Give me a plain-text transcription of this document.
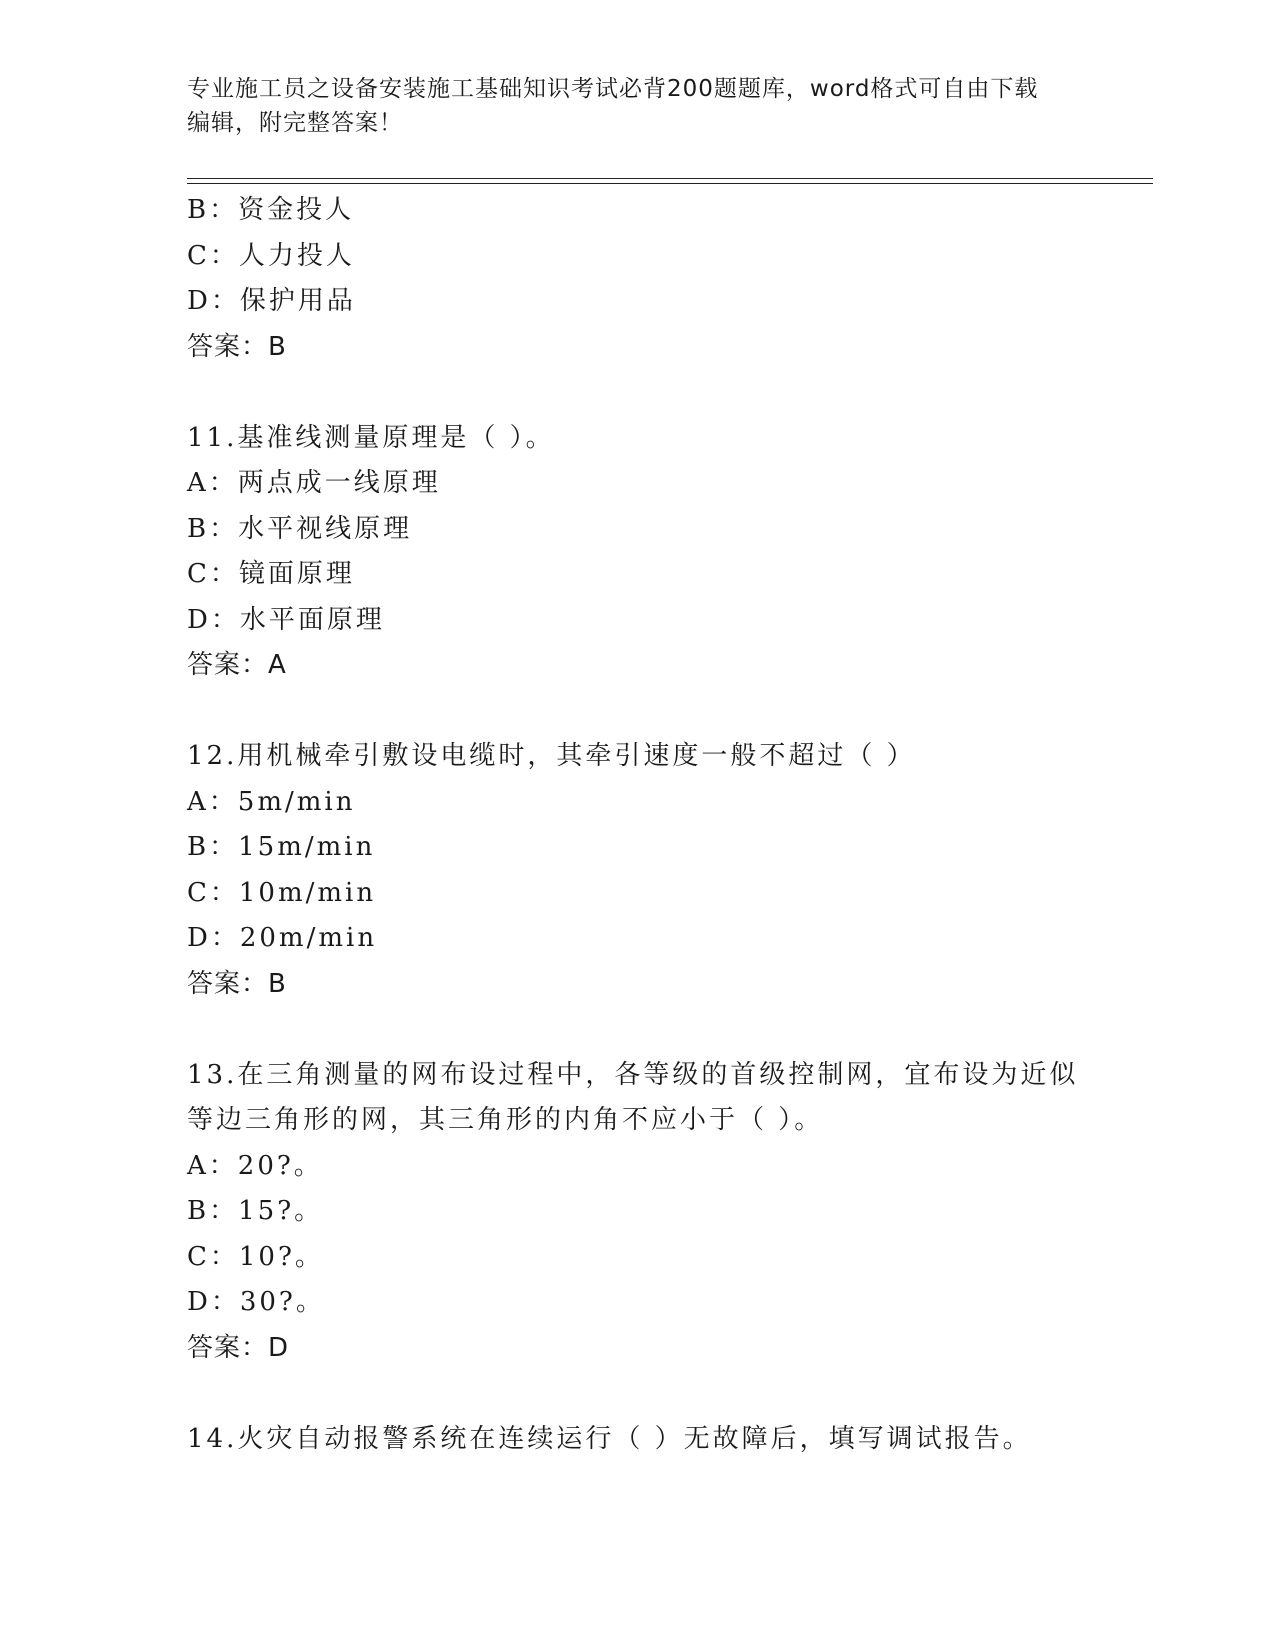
专业施工员之设备安装施工基础知识考试必背200题题库，word格式可自由下载
编辑，附完整答案！
B：资金投人
C：人力投人
D：保护用品
答案：B
11.基准线测量原理是（ ）。
A：两点成一线原理
B：水平视线原理
C：镜面原理
D：水平面原理
答案：A
12.用机械牵引敷设电缆时，其牵引速度一般不超过（ ）
A：5m/min
B：15m/min
C：10m/min
D：20m/min
答案：B
13.在三角测量的网布设过程中，各等级的首级控制网，宜布设为近似
等边三角形的网，其三角形的内角不应小于（ ）。
A：20?。
B：15?。
C：10?。
D：30?。
答案：D
14.火灾自动报警系统在连续运行（ ）无故障后，填写调试报告。
